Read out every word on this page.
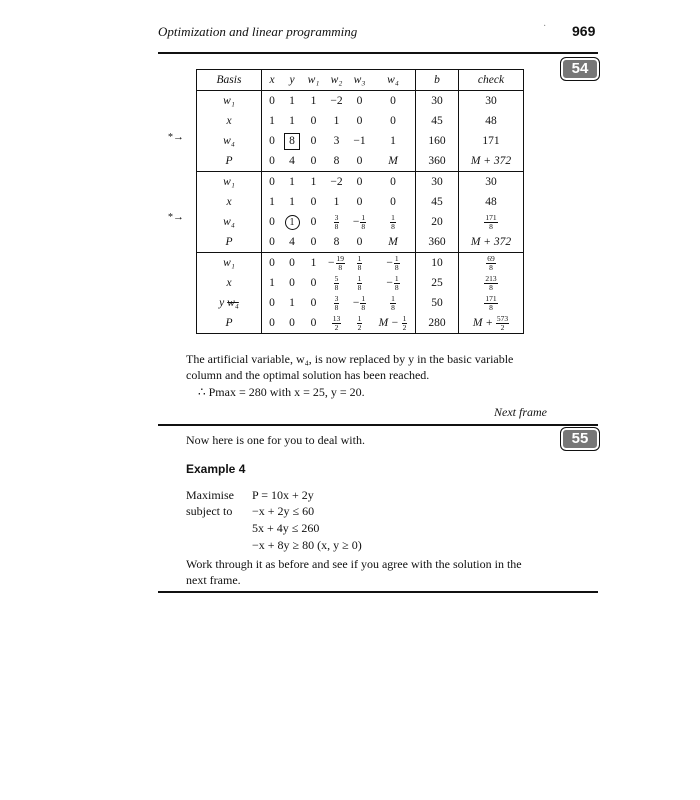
Optimization and linear programming	· 969
54
*→
*→
Basis	x	y	w₁	w₂	w₃	w₄	b	check
w₁	0	1	1	−2	0	0	30	30
x	1	1	0	1	0	0	45	48
w₄	0	8	0	3	−1	1	160	171
P	0	4	0	8	0	M	360	M + 372
w₁	0	1	1	−2	0	0	30	30
x	1	1	0	1	0	0	45	48
w₄	0	1	0	$\frac{3}{8}$	− $\frac{1}{8}$	$\frac{1}{8}$	20	$\frac{171}{8}$

P	0	4	0	8	0	M	360	M + 372
w₁	0	0	1	− $\frac{19}{8}$	$\frac{1}{8}$	− $\frac{1}{8}$	10	$\frac{69}{8}$

x	1	0	0	$\frac{5}{8}$	$\frac{1}{8}$	− $\frac{1}{8}$	25	$\frac{213}{8}$

y w₄	0	1	0	$\frac{3}{8}$	− $\frac{1}{8}$	$\frac{1}{8}$	50	$\frac{171}{8}$

P	0	0	0	$\frac{13}{2}$	$\frac{1}{2}$	$M - \frac{1}{2}$	280	$M + \frac{573}{2}$
The artificial variable, w₄, is now replaced by y in the basic variable
column and the optimal solution has been reached.
∴ Pmax = 280 with x = 25, y = 20.
Next frame
55
Now here is one for you to deal with.
Example 4
Maximise P = 10x + 2y
subject to −x + 2y ≤ 60
5x + 4y ≤ 260
−x + 8y ≥ 80 (x, y ≥ 0)
Work through it as before and see if you agree with the solution in the
next frame.
